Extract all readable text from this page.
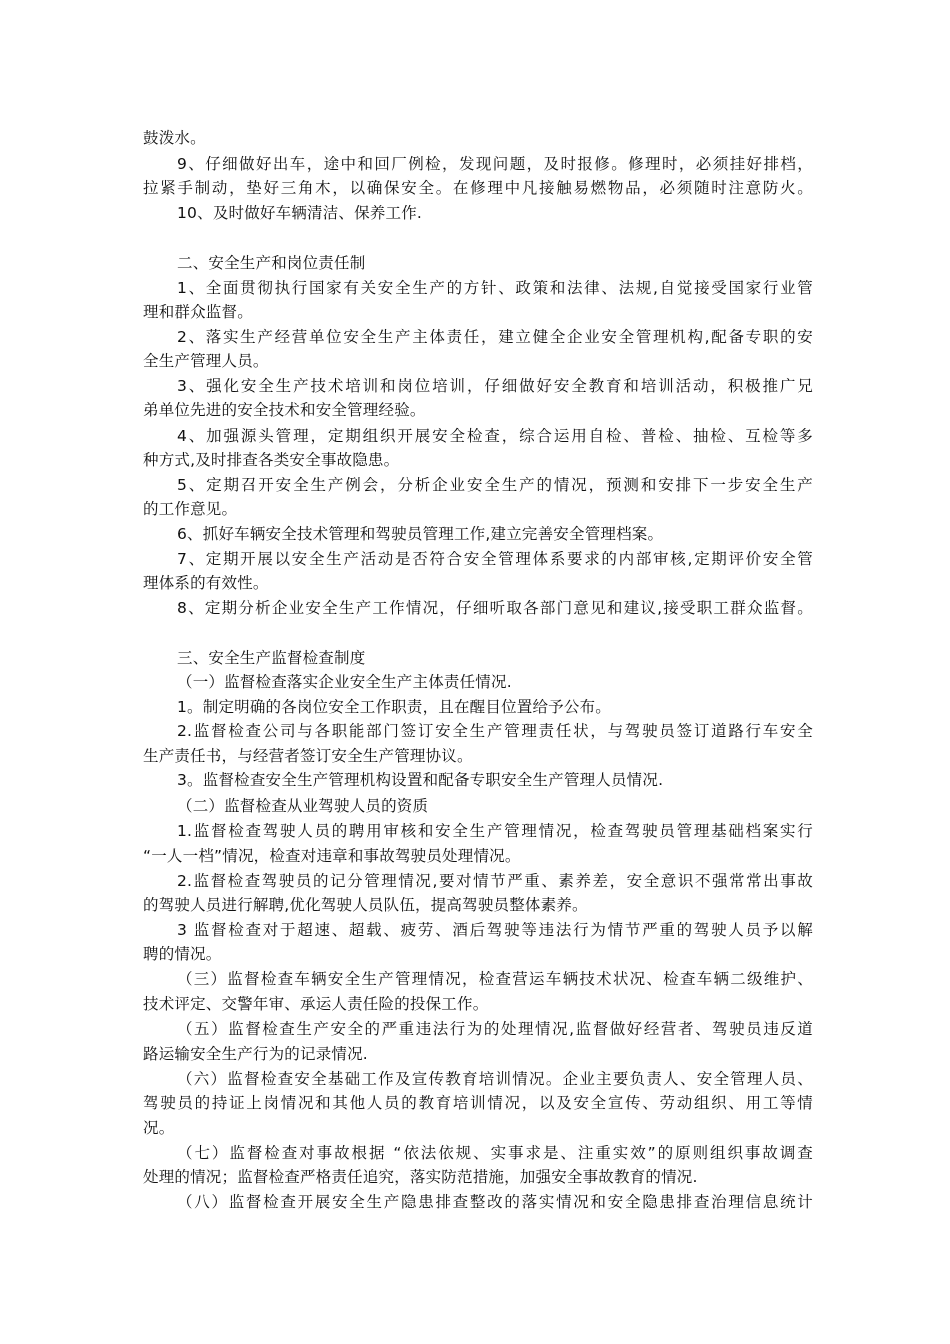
鼓泼水。
9、仔细做好出车，途中和回厂例检，发现问题，及时报修。修理时，必须挂好排档，
拉紧手制动，垫好三角木，以确保安全。在修理中凡接触易燃物品，必须随时注意防火。
10、及时做好车辆清洁、保养工作.
二、安全生产和岗位责任制
1、全面贯彻执行国家有关安全生产的方针、政策和法律、法规,自觉接受国家行业管
理和群众监督。
2、落实生产经营单位安全生产主体责任，建立健全企业安全管理机构,配备专职的安
全生产管理人员。
3、强化安全生产技术培训和岗位培训，仔细做好安全教育和培训活动，积极推广兄
弟单位先进的安全技术和安全管理经验。
4、加强源头管理，定期组织开展安全检查，综合运用自检、普检、抽检、互检等多
种方式,及时排查各类安全事故隐患。
5、定期召开安全生产例会，分析企业安全生产的情况，预测和安排下一步安全生产
的工作意见。
6、抓好车辆安全技术管理和驾驶员管理工作,建立完善安全管理档案。
7、定期开展以安全生产活动是否符合安全管理体系要求的内部审核,定期评价安全管
理体系的有效性。
8、定期分析企业安全生产工作情况，仔细听取各部门意见和建议,接受职工群众监督。
三、安全生产监督检查制度
（一）监督检查落实企业安全生产主体责任情况.
1。制定明确的各岗位安全工作职责，且在醒目位置给予公布。
2.监督检查公司与各职能部门签订安全生产管理责任状，与驾驶员签订道路行车安全
生产责任书，与经营者签订安全生产管理协议。
3。监督检查安全生产管理机构设置和配备专职安全生产管理人员情况.
（二）监督检查从业驾驶人员的资质
1.监督检查驾驶人员的聘用审核和安全生产管理情况，检查驾驶员管理基础档案实行
“一人一档”情况，检查对违章和事故驾驶员处理情况。
2.监督检查驾驶员的记分管理情况,要对情节严重、素养差，安全意识不强常常出事故
的驾驶人员进行解聘,优化驾驶人员队伍，提高驾驶员整体素养。
3 监督检查对于超速、超载、疲劳、酒后驾驶等违法行为情节严重的驾驶人员予以解
聘的情况。
（三）监督检查车辆安全生产管理情况，检查营运车辆技术状况、检查车辆二级维护、
技术评定、交警年审、承运人责任险的投保工作。
（五）监督检查生产安全的严重违法行为的处理情况,监督做好经营者、驾驶员违反道
路运输安全生产行为的记录情况.
（六）监督检查安全基础工作及宣传教育培训情况。企业主要负责人、安全管理人员、
驾驶员的持证上岗情况和其他人员的教育培训情况，以及安全宣传、劳动组织、用工等情
况。
（七）监督检查对事故根据 “依法依规、实事求是、注重实效”的原则组织事故调查
处理的情况；监督检查严格责任追究，落实防范措施，加强安全事故教育的情况.
（八）监督检查开展安全生产隐患排查整改的落实情况和安全隐患排查治理信息统计
